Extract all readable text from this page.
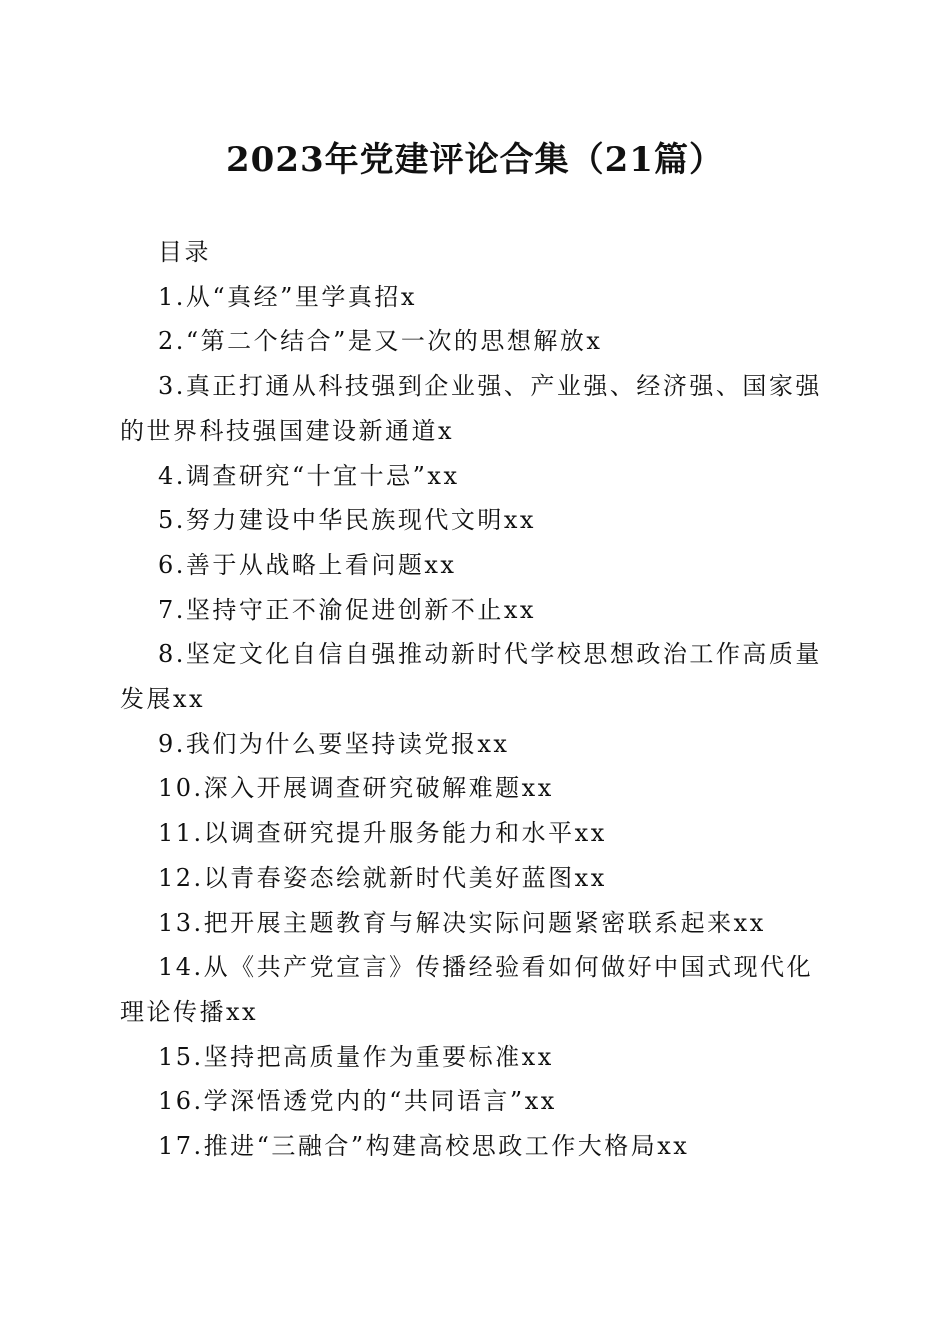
2023年党建评论合集（21篇）

目录

1.从“真经”里学真招x

2.“第二个结合”是又一次的思想解放x

3.真正打通从科技强到企业强、产业强、经济强、国家强的世界科技强国建设新通道x

4.调查研究“十宜十忌”xx

5.努力建设中华民族现代文明xx

6.善于从战略上看问题xx

7.坚持守正不渝促进创新不止xx

8.坚定文化自信自强推动新时代学校思想政治工作高质量发展xx

9.我们为什么要坚持读党报xx

10.深入开展调查研究破解难题xx

11.以调查研究提升服务能力和水平xx

12.以青春姿态绘就新时代美好蓝图xx

13.把开展主题教育与解决实际问题紧密联系起来xx

14.从《共产党宣言》传播经验看如何做好中国式现代化理论传播xx

15.坚持把高质量作为重要标准xx

16.学深悟透党内的“共同语言”xx

17.推进“三融合”构建高校思政工作大格局xx
